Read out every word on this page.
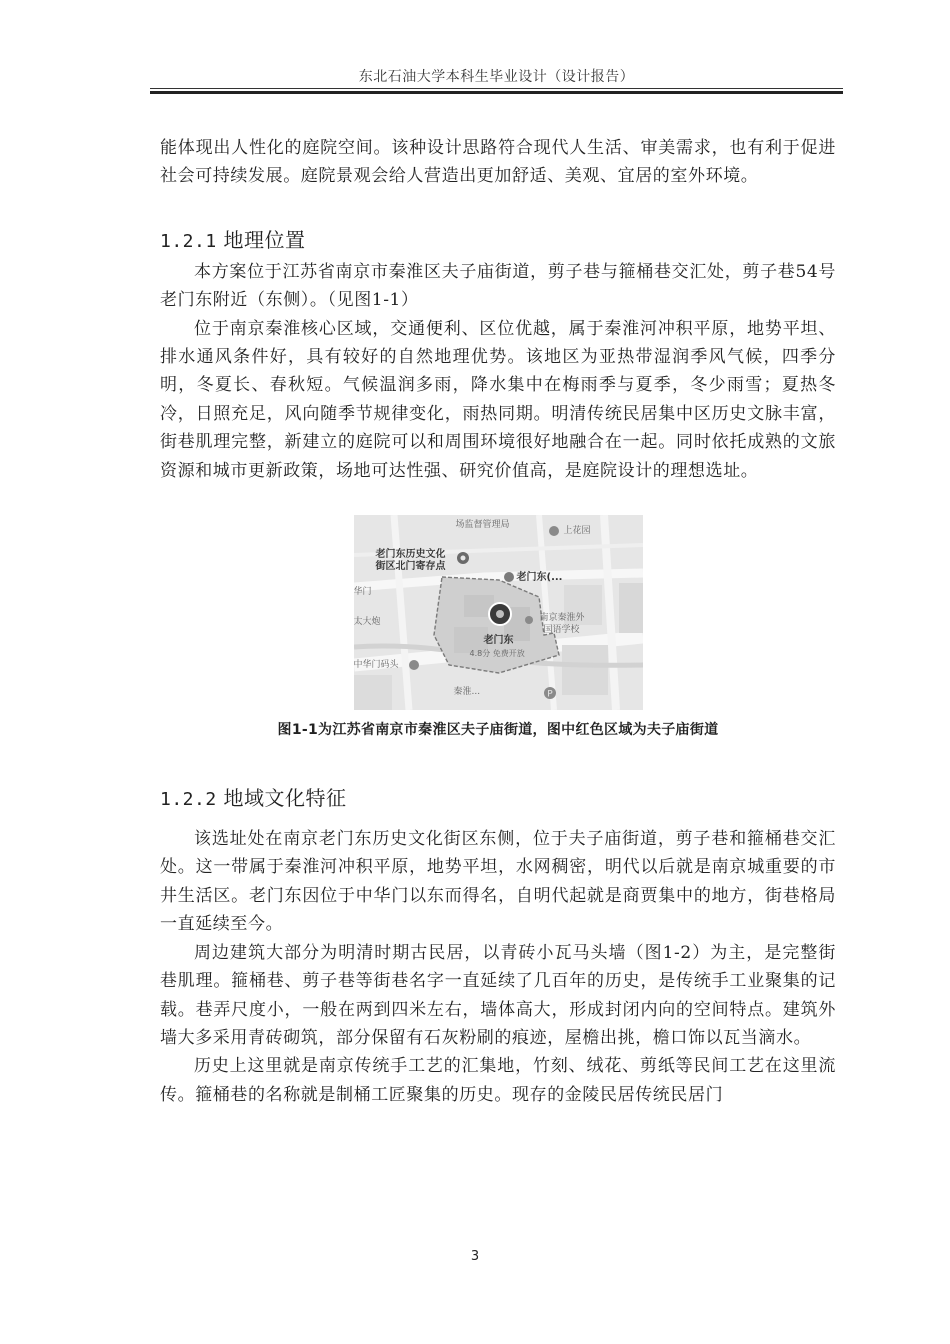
东北石油大学本科生毕业设计（设计报告）

能体现出人性化的庭院空间。该种设计思路符合现代人生活、审美需求，也有利于促进社会可持续发展。庭院景观会给人营造出更加舒适、美观、宜居的室外环境。

1.2.1 地理位置

本方案位于江苏省南京市秦淮区夫子庙街道，剪子巷与箍桶巷交汇处，剪子巷54号老门东附近（东侧）。（见图1-1）

位于南京秦淮核心区域，交通便利、区位优越，属于秦淮河冲积平原，地势平坦、排水通风条件好，具有较好的自然地理优势。该地区为亚热带湿润季风气候，四季分明，冬夏长、春秋短。气候温润多雨，降水集中在梅雨季与夏季，冬少雨雪；夏热冬冷，日照充足，风向随季节规律变化，雨热同期。明清传统民居集中区历史文脉丰富，街巷肌理完整，新建立的庭院可以和周围环境很好地融合在一起。同时依托成熟的文旅资源和城市更新政策，场地可达性强、研究价值高，是庭院设计的理想选址。

P
场监督管理局
老门东历史文化
街区北门寄存点
上花园
老门东(...
华门
太大炮	南京秦淮外
国语学校
老门东
4.8分 免费开放
中华门码头
秦淮...
图1-1为江苏省南京市秦淮区夫子庙街道，图中红色区域为夫子庙街道
1.2.2 地域文化特征

该选址处在南京老门东历史文化街区东侧，位于夫子庙街道，剪子巷和箍桶巷交汇处。这一带属于秦淮河冲积平原，地势平坦，水网稠密，明代以后就是南京城重要的市井生活区。老门东因位于中华门以东而得名，自明代起就是商贾集中的地方，街巷格局一直延续至今。

周边建筑大部分为明清时期古民居，以青砖小瓦马头墙（图1-2）为主，是完整街巷肌理。箍桶巷、剪子巷等街巷名字一直延续了几百年的历史，是传统手工业聚集的记载。巷弄尺度小，一般在两到四米左右，墙体高大，形成封闭内向的空间特点。建筑外墙大多采用青砖砌筑，部分保留有石灰粉刷的痕迹，屋檐出挑，檐口饰以瓦当滴水。

历史上这里就是南京传统手工艺的汇集地，竹刻、绒花、剪纸等民间工艺在这里流传。箍桶巷的名称就是制桶工匠聚集的历史。现存的金陵民居传统民居门

3
